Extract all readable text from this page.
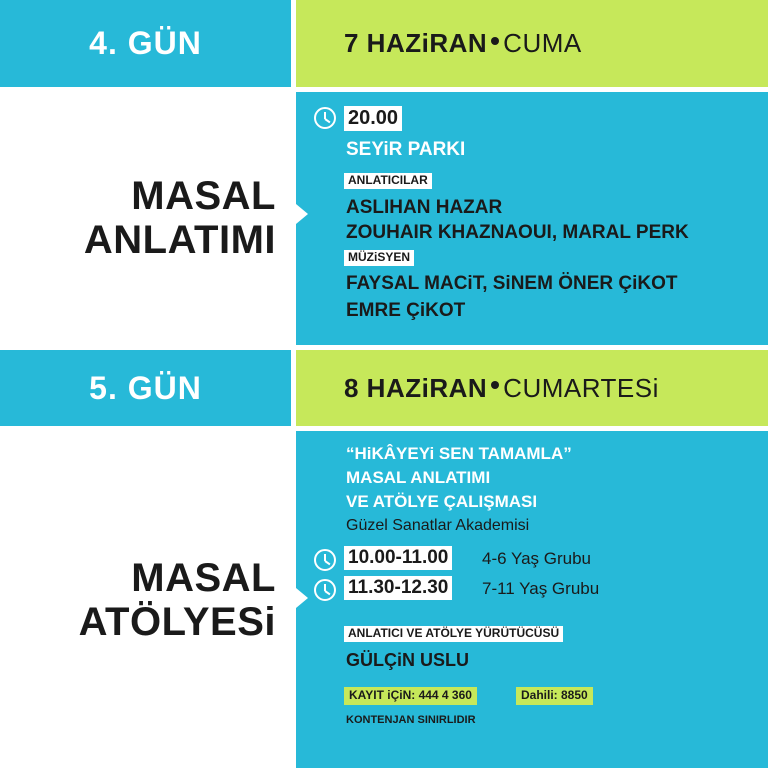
4. GÜN	7 HAZiRAN CUMA
MASAL
ANLATIMI
20.00
SEYiR PARKI
ANLATICILAR
ASLIHAN HAZAR
ZOUHAIR KHAZNAOUI, MARAL PERK
MÜZiSYEN
FAYSAL MACiT, SiNEM ÖNER ÇiKOT
EMRE ÇiKOT
5. GÜN	8 HAZiRAN CUMARTESi
MASAL
ATÖLYESi
“HiKÂYEYi SEN TAMAMLA”
MASAL ANLATIMI
VE ATÖLYE ÇALIŞMASI
Güzel Sanatlar Akademisi
10.00-11.00 4-6 Yaş Grubu
11.30-12.30 7-11 Yaş Grubu
ANLATICI VE ATÖLYE YÜRÜTÜCÜSÜ
GÜLÇiN USLU
KAYIT iÇiN: 444 4 360	Dahili: 8850
KONTENJAN SINIRLIDIR
